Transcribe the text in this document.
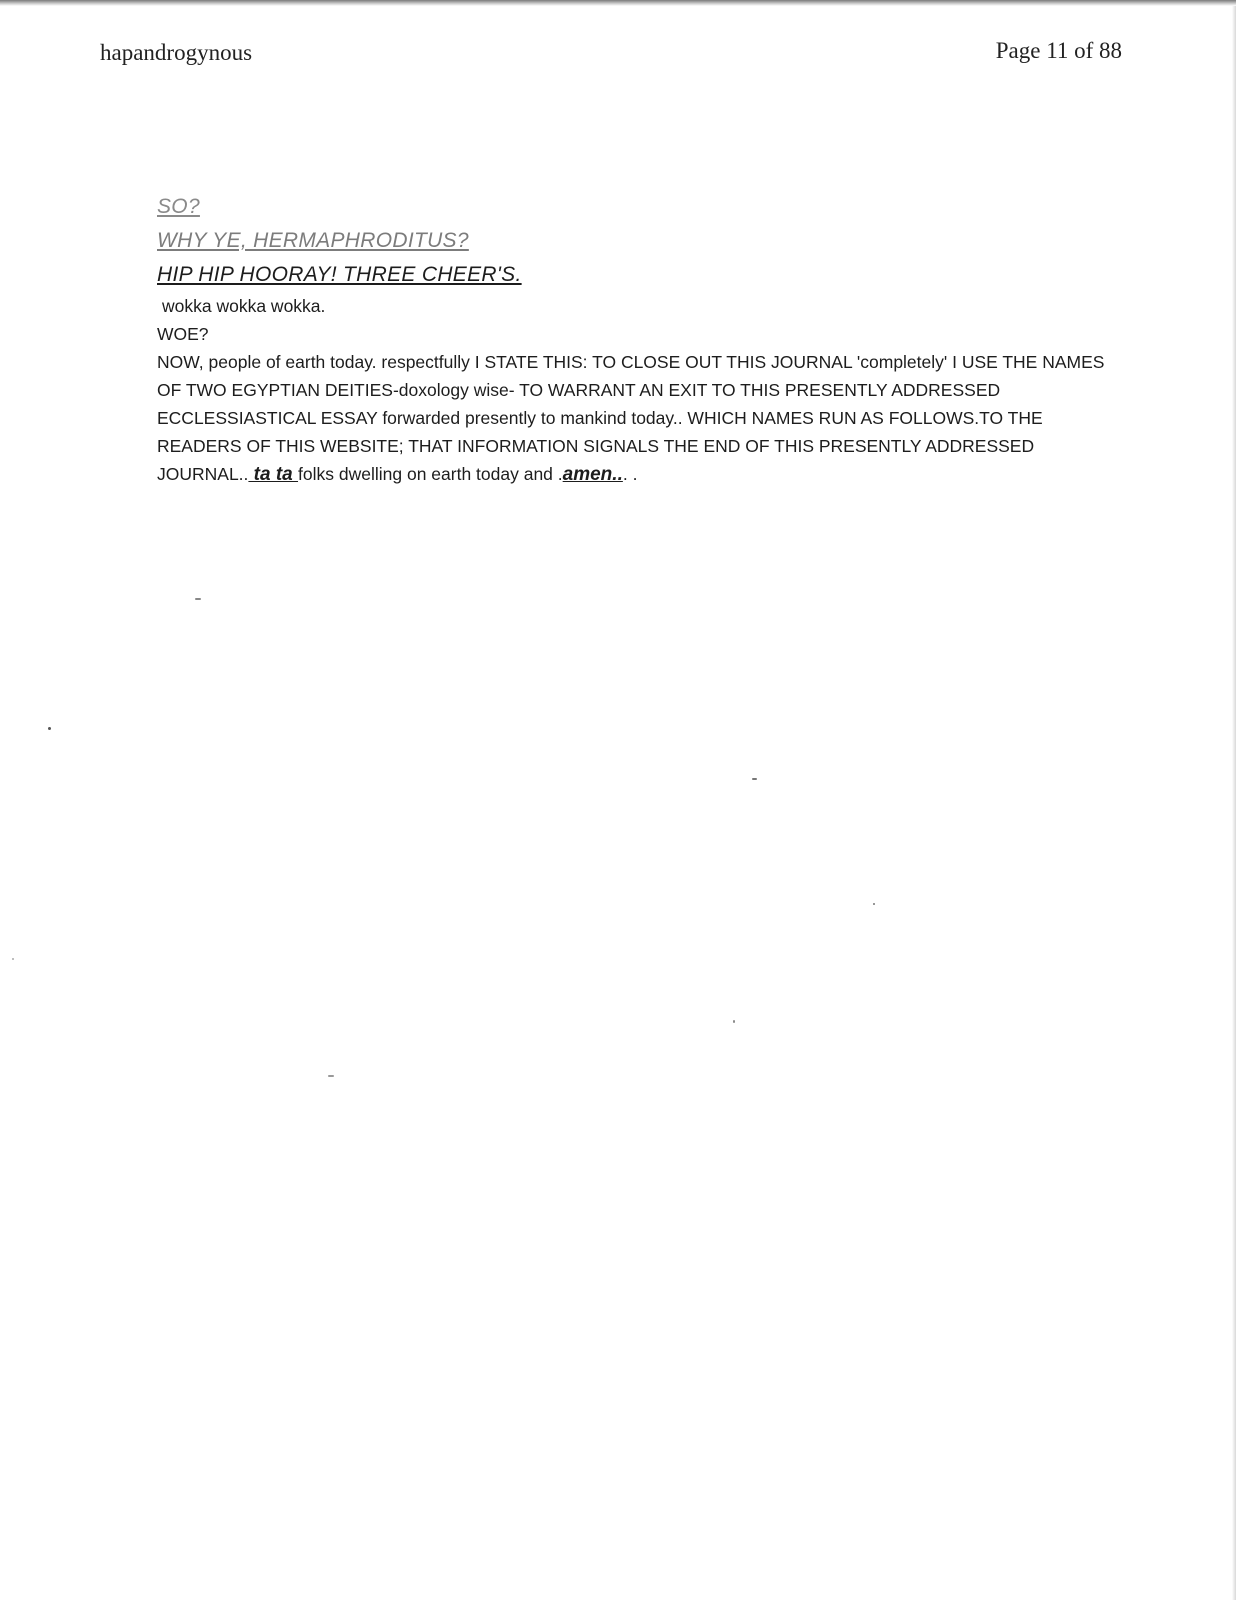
hapandrogynous	Page 11 of 88
SO?
WHY YE, HERMAPHRODITUS?
HIP HIP HOORAY! THREE CHEER'S.
wokka wokka wokka.
WOE?

NOW, people of earth today. respectfully I STATE THIS: TO CLOSE OUT THIS JOURNAL 'completely' I USE THE NAMES OF TWO EGYPTIAN DEITIES-doxology wise- TO WARRANT AN EXIT TO THIS PRESENTLY ADDRESSED ECCLESSIASTICAL ESSAY forwarded presently to mankind today.. WHICH NAMES RUN AS FOLLOWS.TO THE READERS OF THIS WEBSITE; THAT INFORMATION SIGNALS THE END OF THIS PRESENTLY ADDRESSED JOURNAL.. ta ta folks dwelling on earth today and .amen... .
